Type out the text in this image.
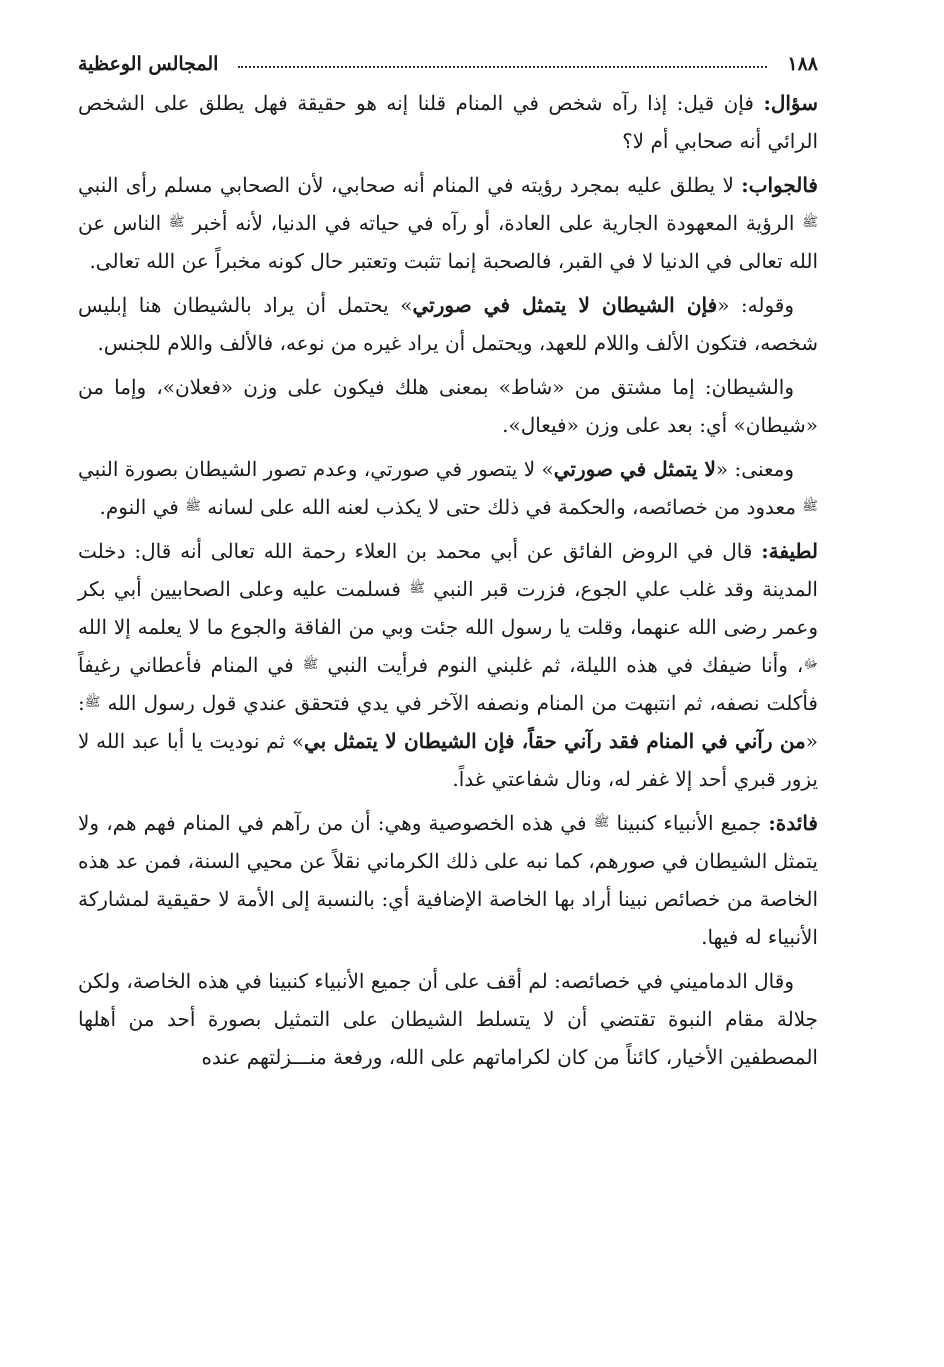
١٨٨
المجالس الوعظية

سؤال: فإن قيل: إذا رآه شخص في المنام قلنا إنه هو حقيقة فهل يطلق على الشخص الرائي أنه صحابي أم لا؟

فالجواب: لا يطلق عليه بمجرد رؤيته في المنام أنه صحابي، لأن الصحابي مسلم رأى النبي $^ﷺ$ الرؤية المعهودة الجارية على العادة، أو رآه في حياته في الدنيا، لأنه أخبر $^ﷺ$ الناس عن الله تعالى في الدنيا لا في القبر، فالصحبة إنما تثبت وتعتبر حال كونه مخبراً عن الله تعالى.

وقوله: «فإن الشيطان لا يتمثل في صورتي» يحتمل أن يراد بالشيطان هنا إبليس شخصه، فتكون الألف واللام للعهد، ويحتمل أن يراد غيره من نوعه، فالألف واللام للجنس.

والشيطان: إما مشتق من «شاط» بمعنى هلك فيكون على وزن «فعلان»، وإما من «شيطان» أي: بعد على وزن «فيعال».

ومعنى: «لا يتمثل في صورتي» لا يتصور في صورتي، وعدم تصور الشيطان بصورة النبي $^ﷺ$ معدود من خصائصه، والحكمة في ذلك حتى لا يكذب لعنه الله على لسانه $^ﷺ$ في النوم.

لطيفة: قال في الروض الفائق عن أبي محمد بن العلاء رحمة الله تعالى أنه قال: دخلت المدينة وقد غلب علي الجوع، فزرت قبر النبي $^ﷺ$ فسلمت عليه وعلى الصحابيين أبي بكر وعمر رضى الله عنهما، وقلت يا رسول الله جئت وبي من الفاقة والجوع ما لا يعلمه إلا الله $^ﷻ$، وأنا ضيفك في هذه الليلة، ثم غلبني النوم فرأيت النبي $^ﷺ$ في المنام فأعطاني رغيفاً فأكلت نصفه، ثم انتبهت من المنام ونصفه الآخر في يدي فتحقق عندي قول رسول الله $^ﷺ$: «من رآني في المنام فقد رآني حقاً، فإن الشيطان لا يتمثل بي» ثم نوديت يا أبا عبد الله لا يزور قبري أحد إلا غفر له، ونال شفاعتي غداً.

فائدة: جميع الأنبياء كنبينا $^ﷺ$ في هذه الخصوصية وهي: أن من رآهم في المنام فهم هم، ولا يتمثل الشيطان في صورهم، كما نبه على ذلك الكرماني نقلاً عن محيي السنة، فمن عد هذه الخاصة من خصائص نبينا أراد بها الخاصة الإضافية أي: بالنسبة إلى الأمة لا حقيقية لمشاركة الأنبياء له فيها.

وقال الدماميني في خصائصه: لم أقف على أن جميع الأنبياء كنبينا في هذه الخاصة، ولكن جلالة مقام النبوة تقتضي أن لا يتسلط الشيطان على التمثيل بصورة أحد من أهلها المصطفين الأخيار، كائناً من كان لكراماتهم على الله، ورفعة منـــزلتهم عنده
